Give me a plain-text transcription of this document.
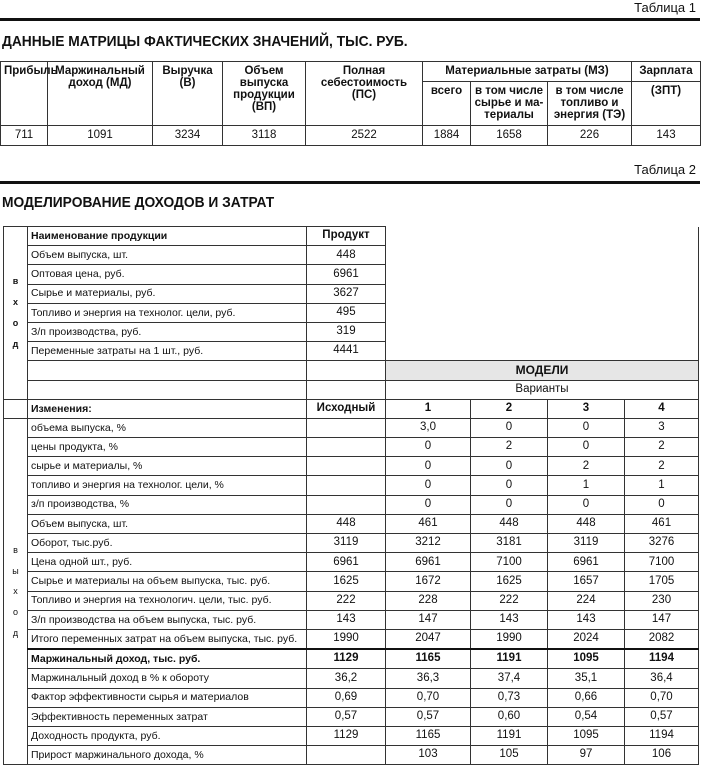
Таблица 1
ДАННЫЕ МАТРИЦЫ ФАКТИЧЕСКИХ ЗНАЧЕНИЙ, ТЫС. РУБ.
Прибыль	Маржинальный доход (МД)	Выручка (В)	Объем выпуска продукции (ВП)	Полная себестоимость (ПС)	Материальные затраты (МЗ)			Зарплата
					всего	в том числе сырье и ма-териалы	в том числе топливо и энергия (ТЭ)	(ЗПТ)
711	1091	3234	3118	2522	1884	1658	226	143
Таблица 2
МОДЕЛИРОВАНИЕ ДОХОДОВ И ЗАТРАТ
в
х
о
д	Наименование продукции	Продукт				
	Объем выпуска, шт.	448				
	Оптовая цена, руб.	6961				
	Сырье и материалы, руб.	3627				
	Топливо и энергия на технолог. цели, руб.	495				
	З/п производства, руб.	319				
	Переменные затраты на 1 шт., руб.	4441				
			МОДЕЛИ			
			Варианты			
	Изменения:	Исходный	1	2	3	4
в
ы
х
о
д	объема выпуска, %		3,0	0	0	3
	цены продукта, %		0	2	0	2
	сырье и материалы, %		0	0	2	2
	топливо и энергия на технолог. цели, %		0	0	1	1
	з/п производства, %		0	0	0	0
	Объем выпуска, шт.	448	461	448	448	461
	Оборот, тыс.руб.	3119	3212	3181	3119	3276
	Цена одной шт., руб.	6961	6961	7100	6961	7100
	Сырье и материалы на объем выпуска, тыс. руб.	1625	1672	1625	1657	1705
	Топливо и энергия на технологич. цели, тыс. руб.	222	228	222	224	230
	З/п производства на объем выпуска, тыс. руб.	143	147	143	143	147
	Итого переменных затрат на объем выпуска, тыс. руб.	1990	2047	1990	2024	2082
	Маржинальный доход, тыс. руб.	1129	1165	1191	1095	1194
	Маржинальный доход в % к обороту	36,2	36,3	37,4	35,1	36,4
	Фактор эффективности сырья и материалов	0,69	0,70	0,73	0,66	0,70
	Эффективность переменных затрат	0,57	0,57	0,60	0,54	0,57
	Доходность продукта, руб.	1129	1165	1191	1095	1194
	Прирост маржинального дохода, %		103	105	97	106
